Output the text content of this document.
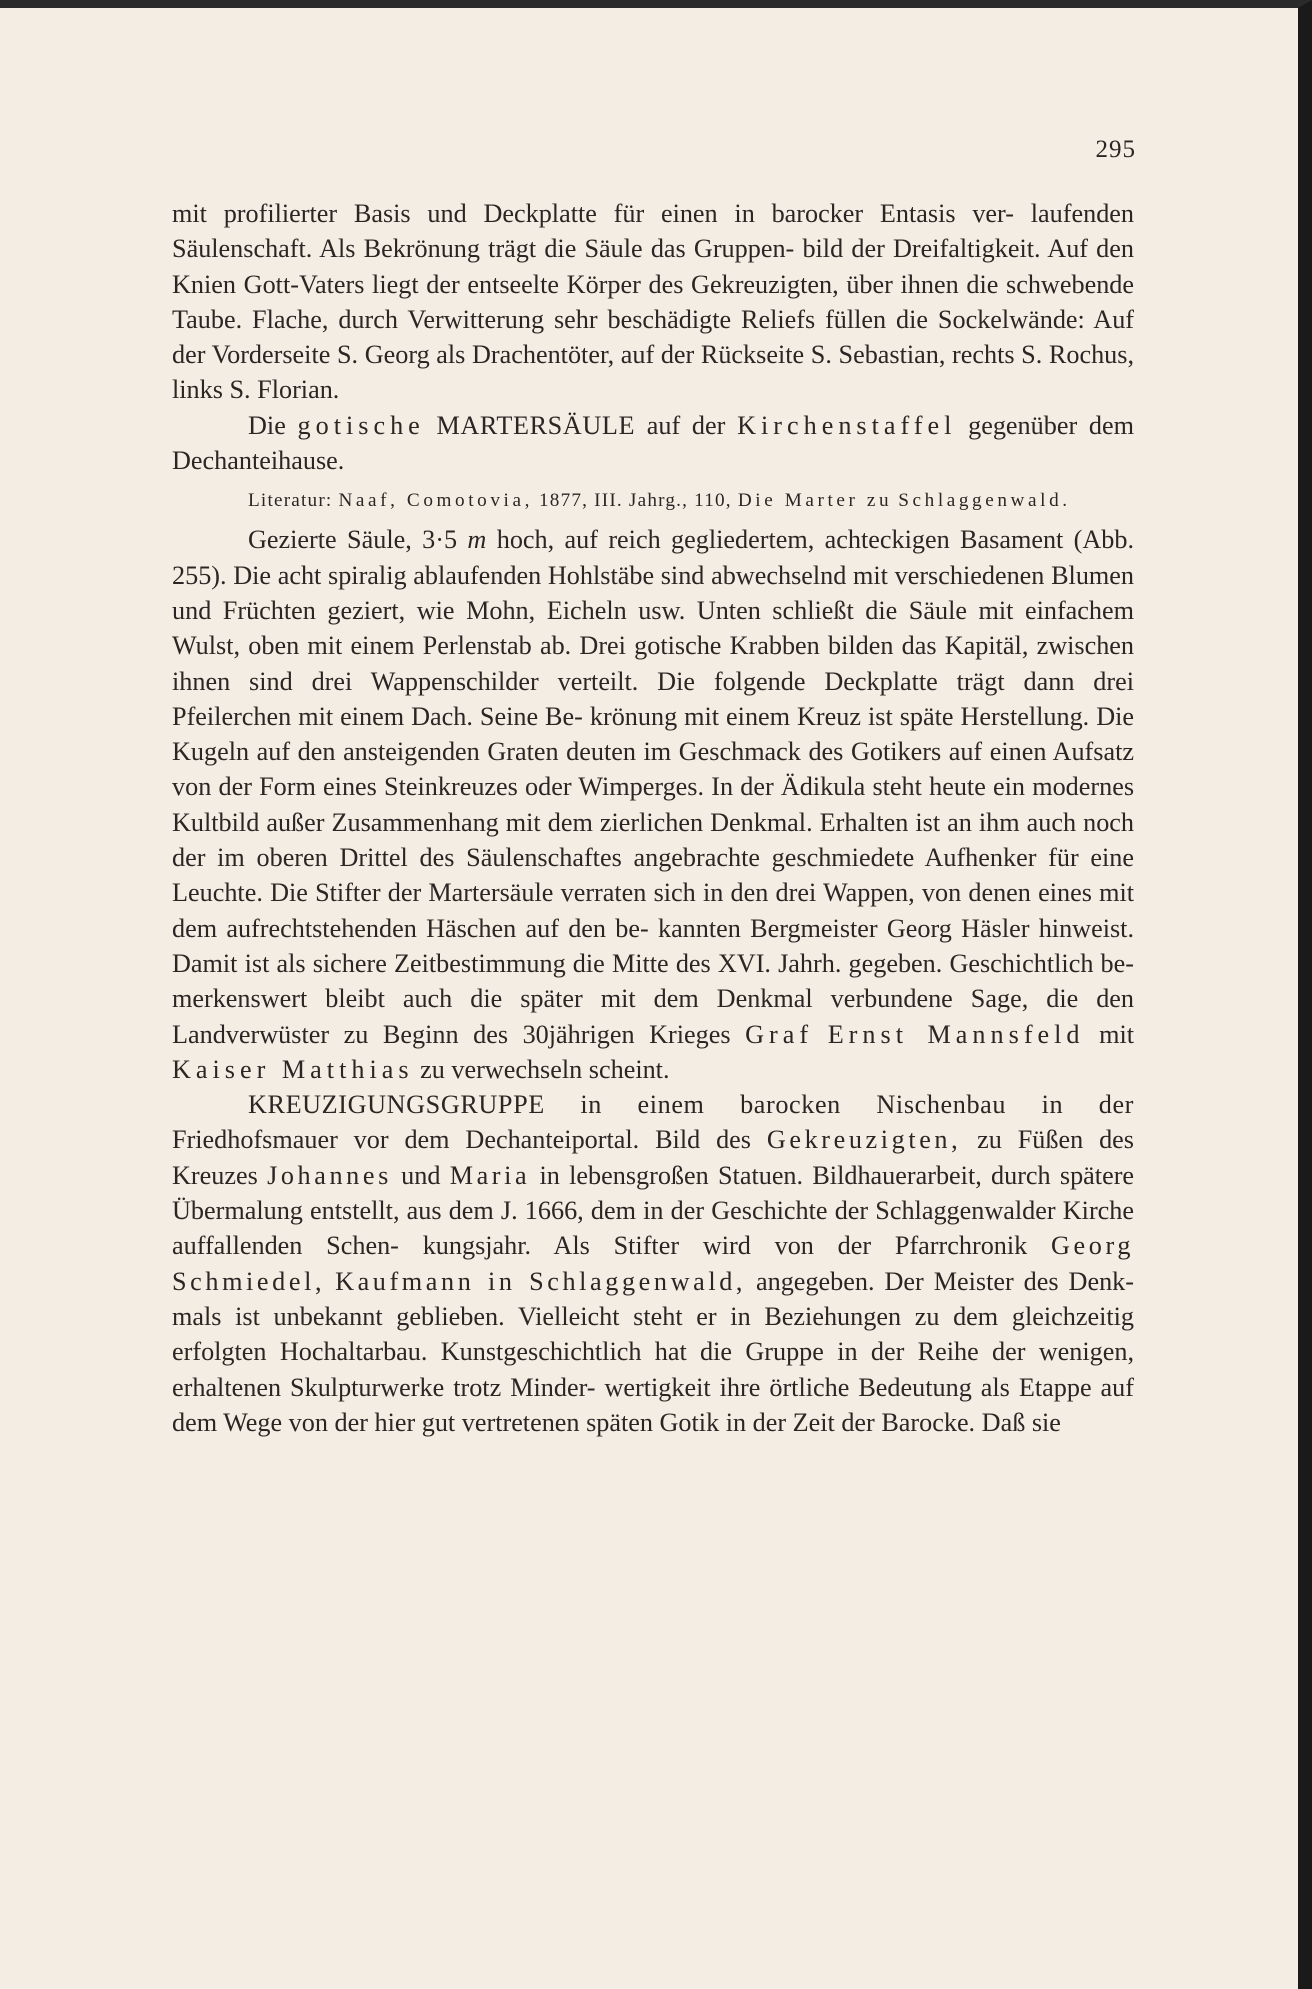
295

mit profilierter Basis und Deckplatte für einen in barocker Entasis ver- laufenden Säulenschaft. Als Bekrönung trägt die Säule das Gruppen- bild der Dreifaltigkeit. Auf den Knien Gott-Vaters liegt der entseelte Körper des Gekreuzigten, über ihnen die schwebende Taube. Flache, durch Verwitterung sehr beschädigte Reliefs füllen die Sockelwände: Auf der Vorderseite S. Georg als Drachentöter, auf der Rückseite S. Sebastian, rechts S. Rochus, links S. Florian.

Die gotische MARTERSÄULE auf der Kirchenstaffel gegenüber dem Dechanteihause.

Literatur: Naaf, Comotovia, 1877, III. Jahrg., 110, Die Marter zu Schlaggenwald.

Gezierte Säule, 3·5 m hoch, auf reich gegliedertem, achteckigen Basament (Abb. 255). Die acht spiralig ablaufenden Hohlstäbe sind abwechselnd mit verschiedenen Blumen und Früchten geziert, wie Mohn, Eicheln usw. Unten schließt die Säule mit einfachem Wulst, oben mit einem Perlenstab ab. Drei gotische Krabben bilden das Kapitäl, zwischen ihnen sind drei Wappenschilder verteilt. Die folgende Deckplatte trägt dann drei Pfeilerchen mit einem Dach. Seine Be- krönung mit einem Kreuz ist späte Herstellung. Die Kugeln auf den ansteigenden Graten deuten im Geschmack des Gotikers auf einen Aufsatz von der Form eines Steinkreuzes oder Wimperges. In der Ädikula steht heute ein modernes Kultbild außer Zusammenhang mit dem zierlichen Denkmal. Erhalten ist an ihm auch noch der im oberen Drittel des Säulenschaftes angebrachte geschmiedete Aufhenker für eine Leuchte. Die Stifter der Martersäule verraten sich in den drei Wappen, von denen eines mit dem aufrechtstehenden Häschen auf den be- kannten Bergmeister Georg Häsler hinweist. Damit ist als sichere Zeitbestimmung die Mitte des XVI. Jahrh. gegeben. Geschichtlich be- merkenswert bleibt auch die später mit dem Denkmal verbundene Sage, die den Landverwüster zu Beginn des 30jährigen Krieges Graf Ernst Mannsfeld mit Kaiser Matthias zu verwechseln scheint.

KREUZIGUNGSGRUPPE in einem barocken Nischenbau in der Friedhofsmauer vor dem Dechanteiportal. Bild des Gekreuzigten, zu Füßen des Kreuzes Johannes und Maria in lebensgroßen Statuen. Bildhauerarbeit, durch spätere Übermalung entstellt, aus dem J. 1666, dem in der Geschichte der Schlaggenwalder Kirche auffallenden Schen- kungsjahr. Als Stifter wird von der Pfarrchronik Georg Schmiedel, Kaufmann in Schlaggenwald, angegeben. Der Meister des Denk- mals ist unbekannt geblieben. Vielleicht steht er in Beziehungen zu dem gleichzeitig erfolgten Hochaltarbau. Kunstgeschichtlich hat die Gruppe in der Reihe der wenigen, erhaltenen Skulpturwerke trotz Minder- wertigkeit ihre örtliche Bedeutung als Etappe auf dem Wege von der hier gut vertretenen späten Gotik in der Zeit der Barocke. Daß sie
